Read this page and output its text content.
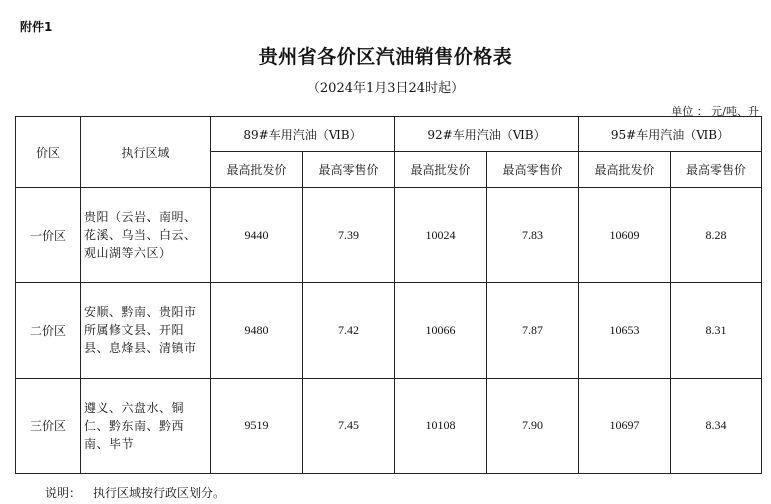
附件1
贵州省各价区汽油销售价格表
（2024年1月3日24时起）
单位 ： 元/吨、升
价区	执行区域	89#车用汽油（ⅥB）		92#车用汽油（ⅥB）		95#车用汽油（ⅥB）	
		最高批发价	最高零售价	最高批发价	最高零售价	最高批发价	最高零售价
一价区	贵阳（云岩、南明、花溪、乌当、白云、观山湖等六区）	9440	7.39	10024	7.83	10609	8.28
二价区	安顺、黔南、贵阳市所属修文县、开阳县、息烽县、清镇市	9480	7.42	10066	7.87	10653	8.31
三价区	遵义、六盘水、铜仁、黔东南、黔西南、毕节	9519	7.45	10108	7.90	10697	8.34
说明： 执行区域按行政区划分。
